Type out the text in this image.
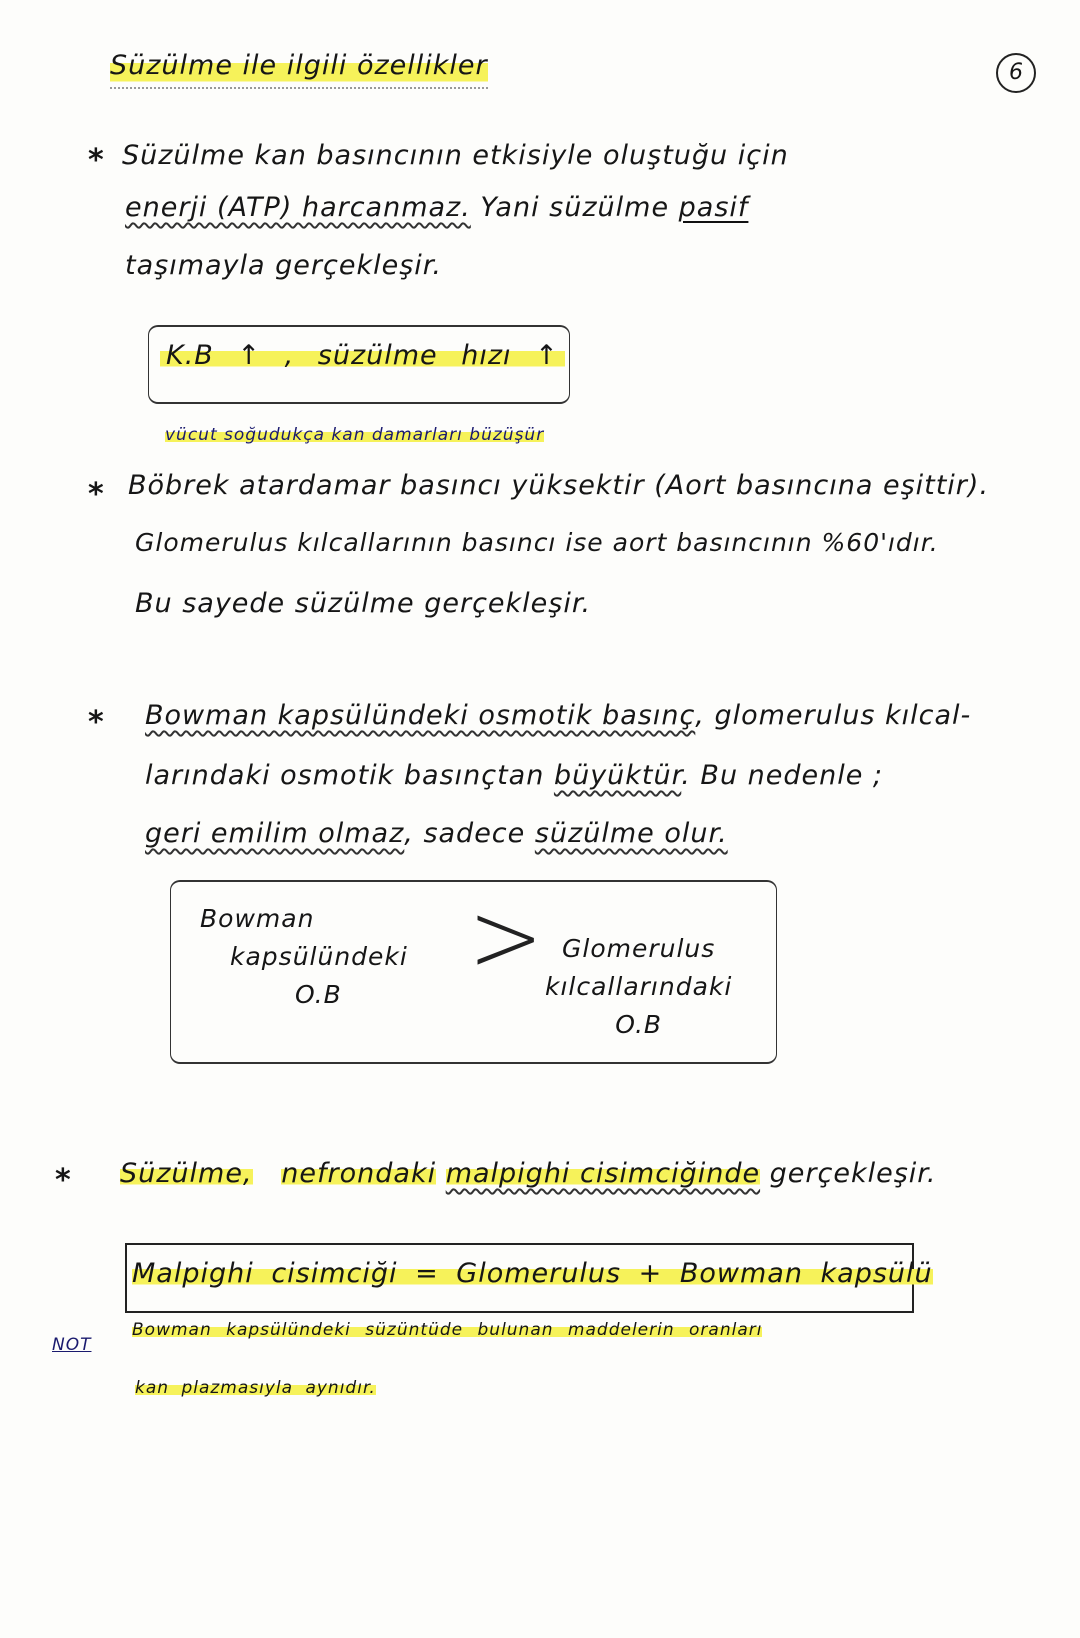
6
Süzülme ile ilgili özellikler
* Süzülme kan basıncının etkisiyle oluştuğu için
enerji (ATP) harcanmaz. Yani süzülme pasif
taşımayla gerçekleşir.
K.B ↑ , süzülme hızı ↑
vücut soğudukça kan damarları büzüşür
* Böbrek atardamar basıncı yüksektir (Aort basıncına eşittir).
Glomerulus kılcallarının basıncı ise aort basıncının %60'ıdır.
Bu sayede süzülme gerçekleşir.
* Bowman kapsülündeki osmotik basınç, glomerulus kılcal-
larındaki osmotik basınçtan büyüktür. Bu nedenle ;
geri emilim olmaz, sadece süzülme olur.
Bowman
kapsülündeki
O.B	> Glomerulus
kılcallarındaki
O.B
* Süzülme, nefrondaki malpighi cisimciğinde gerçekleşir.
Malpighi cisimciği = Glomerulus + Bowman kapsülü
NOT
Bowman kapsülündeki süzüntüde bulunan maddelerin oranları
kan plazmasıyla aynıdır.
